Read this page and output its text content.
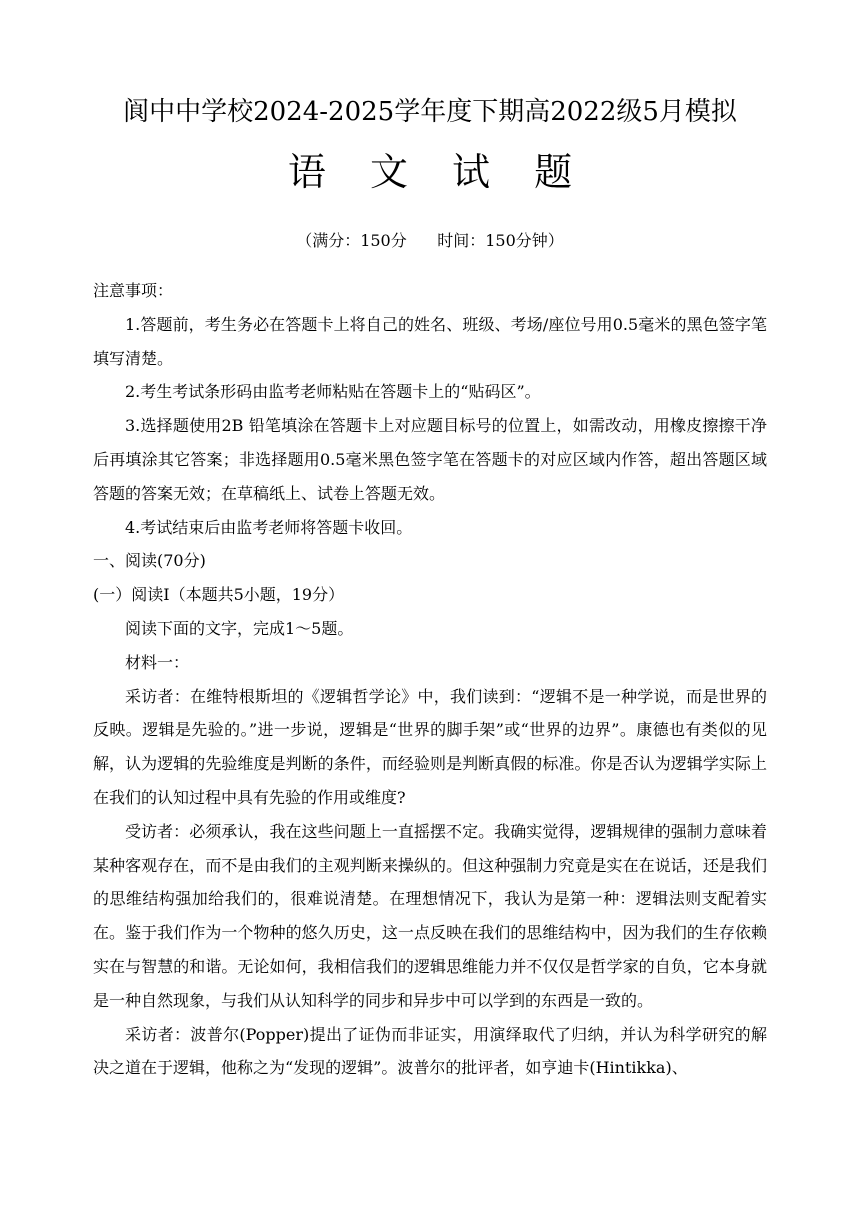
阆中中学校2024-2025学年度下期高2022级5月模拟
语 文 试 题
（满分：150分      时间：150分钟）

注意事项：

1.答题前，考生务必在答题卡上将自己的姓名、班级、考场/座位号用0.5毫米的黑色签字笔填写清楚。

2.考生考试条形码由监考老师粘贴在答题卡上的“贴码区”。

3.选择题使用2B 铅笔填涂在答题卡上对应题目标号的位置上，如需改动，用橡皮擦擦干净后再填涂其它答案；非选择题用0.5毫米黑色签字笔在答题卡的对应区域内作答，超出答题区域答题的答案无效；在草稿纸上、试卷上答题无效。

4.考试结束后由监考老师将答题卡收回。

一、阅读(70分)

(一）阅读Ⅰ（本题共5小题，19分）

阅读下面的文字，完成1～5题。

材料一：

采访者：在维特根斯坦的《逻辑哲学论》中，我们读到：“逻辑不是一种学说，而是世界的反映。逻辑是先验的。”进一步说，逻辑是“世界的脚手架”或“世界的边界”。康德也有类似的见解，认为逻辑的先验维度是判断的条件，而经验则是判断真假的标准。你是否认为逻辑学实际上在我们的认知过程中具有先验的作用或维度?

受访者：必须承认，我在这些问题上一直摇摆不定。我确实觉得，逻辑规律的强制力意味着某种客观存在，而不是由我们的主观判断来操纵的。但这种强制力究竟是实在在说话，还是我们的思维结构强加给我们的，很难说清楚。在理想情况下，我认为是第一种：逻辑法则支配着实在。鉴于我们作为一个物种的悠久历史，这一点反映在我们的思维结构中，因为我们的生存依赖实在与智慧的和谐。无论如何，我相信我们的逻辑思维能力并不仅仅是哲学家的自负，它本身就是一种自然现象，与我们从认知科学的同步和异步中可以学到的东西是一致的。

采访者：波普尔(Popper)提出了证伪而非证实，用演绎取代了归纳，并认为科学研究的解决之道在于逻辑，他称之为“发现的逻辑”。波普尔的批评者，如亨迪卡(Hintikka)、
